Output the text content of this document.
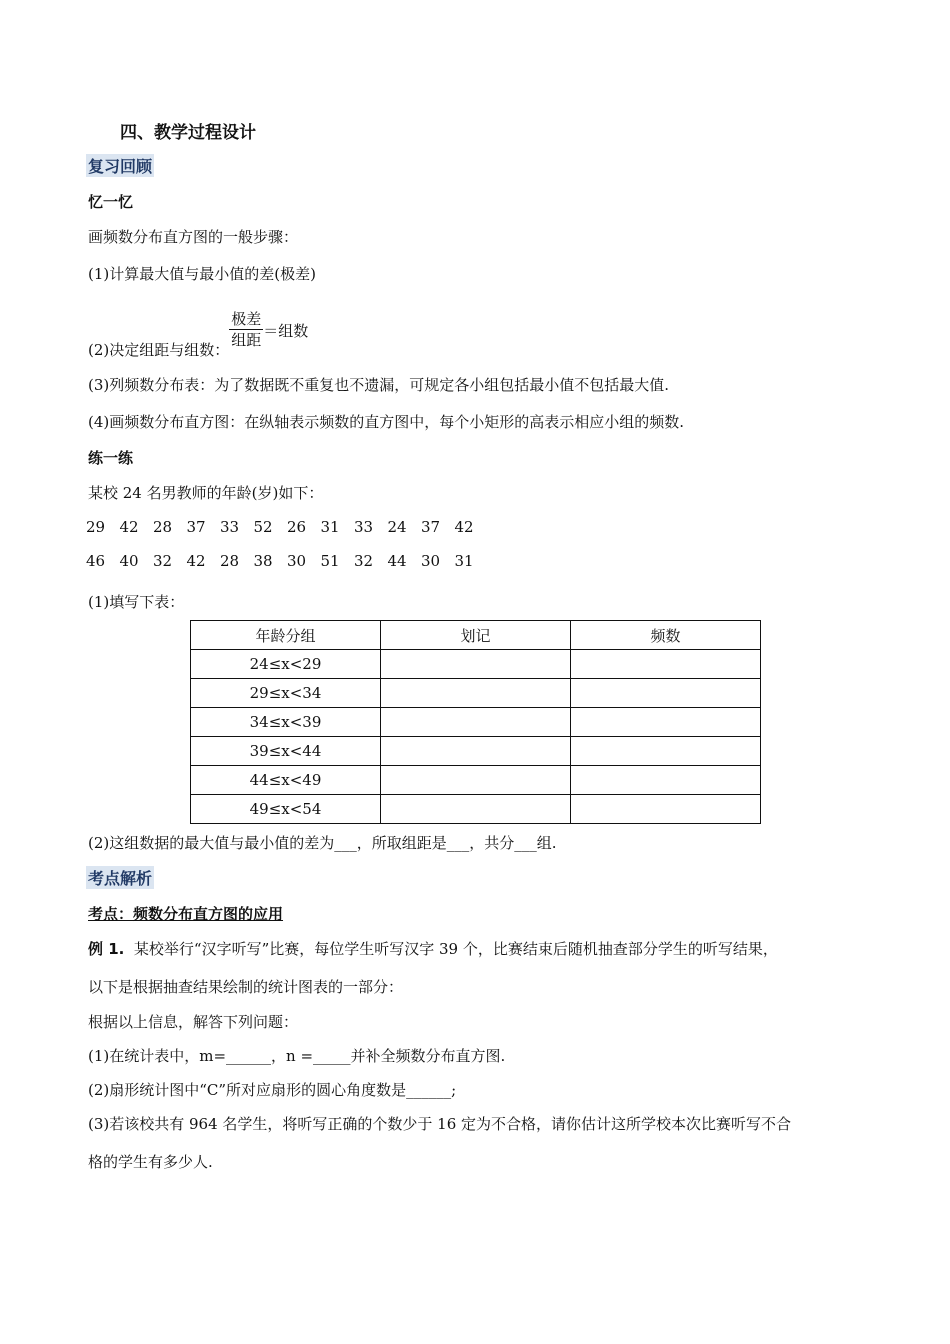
四、教学过程设计
复习回顾
忆一忆
画频数分布直方图的一般步骤：
(1)计算最大值与最小值的差(极差)
(2)决定组距与组数： $\frac{\text{极差}}{\text{组距}}$ ＝组数
(3)列频数分布表：为了数据既不重复也不遗漏，可规定各小组包括最小值不包括最大值.
(4)画频数分布直方图：在纵轴表示频数的直方图中，每个小矩形的高表示相应小组的频数.
练一练
某校 24 名男教师的年龄(岁)如下：
29 42 28 37 33 52 26 31 33 24 37 42
46 40 32 42 28 38 30 51 32 44 30 31
(1)填写下表：
年龄分组	划记	频数
24≤x<29		
29≤x<34		
34≤x<39		
39≤x<44		
44≤x<49		
49≤x<54		
(2)这组数据的最大值与最小值的差为___，所取组距是___，共分___组.
考点解析
考点：频数分布直方图的应用
例 1. 某校举行“汉字听写”比赛，每位学生听写汉字 39 个，比赛结束后随机抽查部分学生的听写结果，
以下是根据抽查结果绘制的统计图表的一部分：
根据以上信息，解答下列问题：
(1)在统计表中，m=______，n =_____并补全频数分布直方图.
(2)扇形统计图中“C”所对应扇形的圆心角度数是______;
(3)若该校共有 964 名学生，将听写正确的个数少于 16 定为不合格，请你估计这所学校本次比赛听写不合
格的学生有多少人.
